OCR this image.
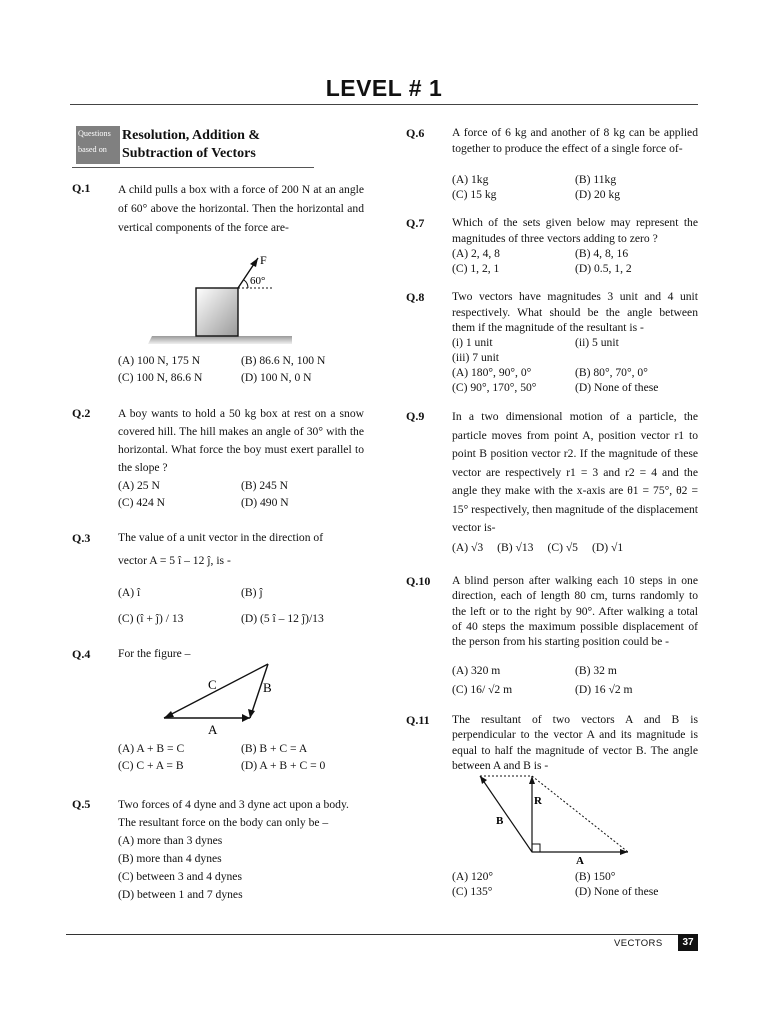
LEVEL # 1
Questions
based on
Resolution, Addition &
Subtraction of Vectors
Q.1 A child pulls a box with a force of 200 N at an angle of 60° above the horizontal. Then the horizontal and vertical components of the force are-
F
60°
(A) 100 N, 175 N	(B) 86.6 N, 100 N
(C) 100 N, 86.6 N	(D) 100 N, 0 N
Q.2 A boy wants to hold a 50 kg box at rest on a snow covered hill. The hill makes an angle of 30° with the horizontal. What force the boy must exert parallel to the slope ?
(A) 25 N	(B) 245 N
(C) 424 N	(D) 490 N
Q.3 The value of a unit vector in the direction of
vector A = 5 î – 12 ĵ, is -
(A) î	(B) ĵ
(C) (î + ĵ) / 13	(D) (5 î – 12 ĵ)/13
Q.4 For the figure –
C	B
A
(A) A + B = C	(B) B + C = A
(C) C + A = B	(D) A + B + C = 0
Q.5 Two forces of 4 dyne and 3 dyne act upon a body.
The resultant force on the body can only be –
(A) more than 3 dynes
(B) more than 4 dynes
(C) between 3 and 4 dynes
(D) between 1 and 7 dynes
Q.6 A force of 6 kg and another of 8 kg can be applied together to produce the effect of a single force of-
(A) 1kg	(B) 11kg
(C) 15 kg	(D) 20 kg
Q.7 Which of the sets given below may represent the magnitudes of three vectors adding to zero ?
(A) 2, 4, 8	(B) 4, 8, 16
(C) 1, 2, 1	(D) 0.5, 1, 2
Q.8 Two vectors have magnitudes 3 unit and 4 unit respectively. What should be the angle between them if the magnitude of the resultant is -
(i) 1 unit	(ii) 5 unit
(iii) 7 unit
(A) 180°, 90°, 0°	(B) 80°, 70°, 0°
(C) 90°, 170°, 50°	(D) None of these
Q.9 In a two dimensional motion of a particle, the particle moves from point A, position vector r1 to point B position vector r2. If the magnitude of these vector are respectively r1 = 3 and r2 = 4 and the angle they make with the x-axis are θ1 = 75°, θ2 = 15° respectively, then magnitude of the displacement vector is-
(A) √3 (B) √13 (C) √5 (D) √1
Q.10 A blind person after walking each 10 steps in one direction, each of length 80 cm, turns randomly to the left or to the right by 90°. After walking a total of 40 steps the maximum possible displacement of the person from his starting position could be -
(A) 320 m	(B) 32 m
(C) 16/ √2 m	(D) 16 √2 m
Q.11 The resultant of two vectors A and B is perpendicular to the vector A and its magnitude is equal to half the magnitude of vector B. The angle between A and B is -
R
B
A
(A) 120°	(B) 150°
(C) 135°	(D) None of these
VECTORS	37
